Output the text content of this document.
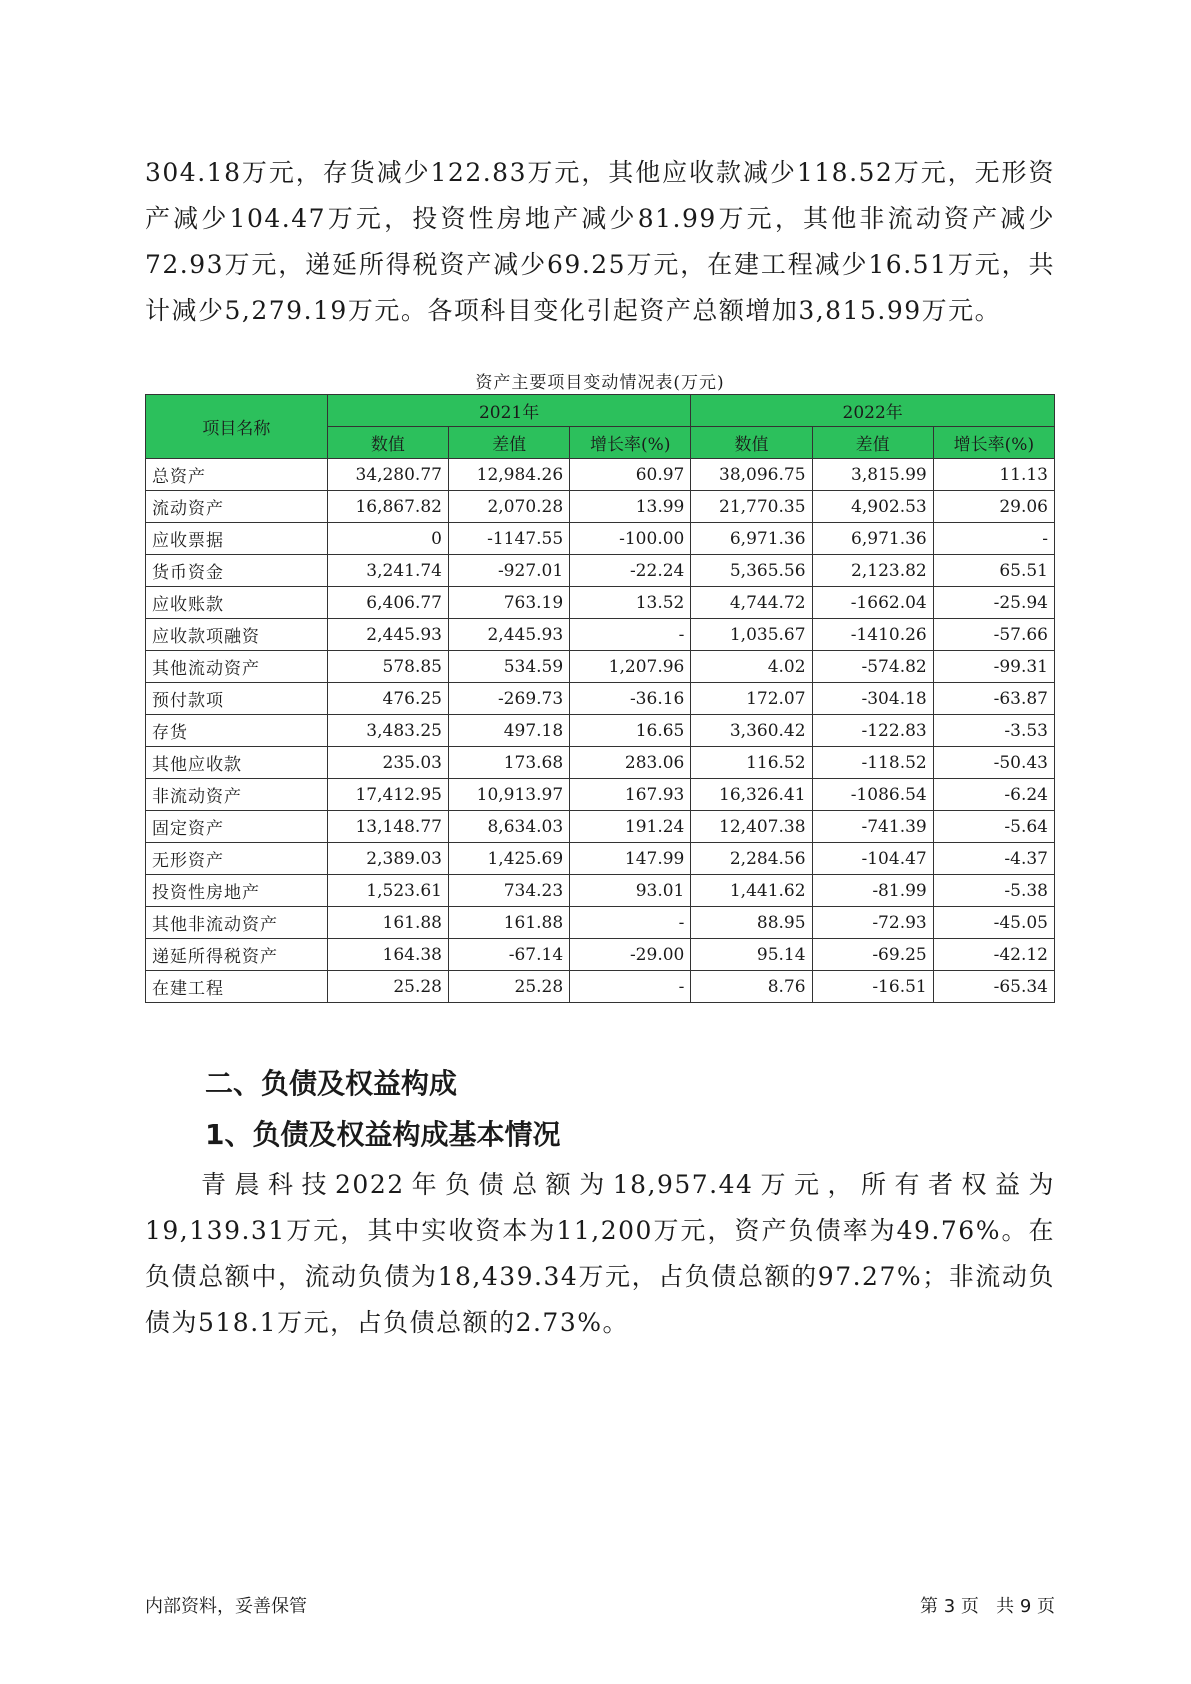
304.18万元，存货减少122.83万元，其他应收款减少118.52万元，无形资产减少104.47万元，投资性房地产减少81.99万元，其他非流动资产减少72.93万元，递延所得税资产减少69.25万元，在建工程减少16.51万元，共计减少5,279.19万元。各项科目变化引起资产总额增加3,815.99万元。

资产主要项目变动情况表(万元)
项目名称	2021年			2022年		
	数值	差值	增长率(%)	数值	差值	增长率(%)
总资产	34,280.77	12,984.26	60.97	38,096.75	3,815.99	11.13
流动资产	16,867.82	2,070.28	13.99	21,770.35	4,902.53	29.06
应收票据	0	-1147.55	-100.00	6,971.36	6,971.36	-
货币资金	3,241.74	-927.01	-22.24	5,365.56	2,123.82	65.51
应收账款	6,406.77	763.19	13.52	4,744.72	-1662.04	-25.94
应收款项融资	2,445.93	2,445.93	-	1,035.67	-1410.26	-57.66
其他流动资产	578.85	534.59	1,207.96	4.02	-574.82	-99.31
预付款项	476.25	-269.73	-36.16	172.07	-304.18	-63.87
存货	3,483.25	497.18	16.65	3,360.42	-122.83	-3.53
其他应收款	235.03	173.68	283.06	116.52	-118.52	-50.43
非流动资产	17,412.95	10,913.97	167.93	16,326.41	-1086.54	-6.24
固定资产	13,148.77	8,634.03	191.24	12,407.38	-741.39	-5.64
无形资产	2,389.03	1,425.69	147.99	2,284.56	-104.47	-4.37
投资性房地产	1,523.61	734.23	93.01	1,441.62	-81.99	-5.38
其他非流动资产	161.88	161.88	-	88.95	-72.93	-45.05
递延所得税资产	164.38	-67.14	-29.00	95.14	-69.25	-42.12
在建工程	25.28	25.28	-	8.76	-16.51	-65.34
二、负债及权益构成
1、负债及权益构成基本情况

青晨科技2022年负债总额为18,957.44万元，所有者权益为19,139.31万元，其中实收资本为11,200万元，资产负债率为49.76%。在负债总额中，流动负债为18,439.34万元，占负债总额的97.27%；非流动负债为518.1万元，占负债总额的2.73%。

内部资料，妥善保管	第 3 页   共 9 页
